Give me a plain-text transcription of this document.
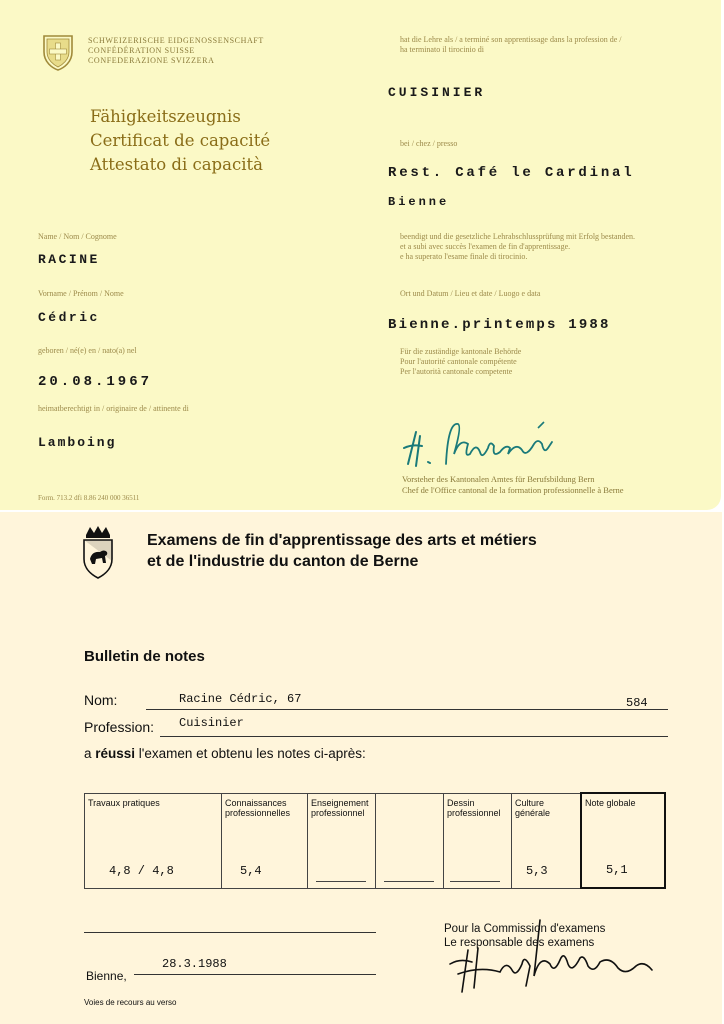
SCHWEIZERISCHE EIDGENOSSENSCHAFT
CONFÉDÉRATION SUISSE
CONFEDERAZIONE SVIZZERA
Fähigkeitszeugnis
Certificat de capacité
Attestato di capacità
Name / Nom / Cognome
RACINE
Vorname / Prénom / Nome
Cédric
geboren / né(e) en / nato(a) nel
20.08.1967
heimatberechtigt in / originaire de / attinente di
Lamboing
Form. 713.2 dfi 8.86 240 000 36511
hat die Lehre als / a terminé son apprentissage dans la profession de /
ha terminato il tirocinio di
CUISINIER
bei / chez / presso
Rest. Café le Cardinal
Bienne
beendigt und die gesetzliche Lehrabschlussprüfung mit Erfolg bestanden.
et a subi avec succès l'examen de fin d'apprentissage.
e ha superato l'esame finale di tirocinio.
Ort und Datum / Lieu et date / Luogo e data
Bienne.printemps 1988
Für die zuständige kantonale Behörde
Pour l'autorité cantonale compétente
Per l'autorità cantonale competente
Vorsteher des Kantonalen Amtes für Berufsbildung Bern
Chef de l'Office cantonal de la formation professionnelle à Berne
Examens de fin d'apprentissage des arts et métiers
et de l'industrie du canton de Berne
Bulletin de notes
Nom:	Racine Cédric, 67	584
Profession: Cuisinier
a réussi l'examen et obtenu les notes ci-après:
Travaux pratiques
4,8 / 4,8

Connaissances professionnelles
5,4

Enseignement professionnel

Dessin professionnel

Culture générale
5,3

Note globale
5,1
28.3.1988
Bienne,
Pour la Commission d'examens
Le responsable des examens
Voies de recours au verso
